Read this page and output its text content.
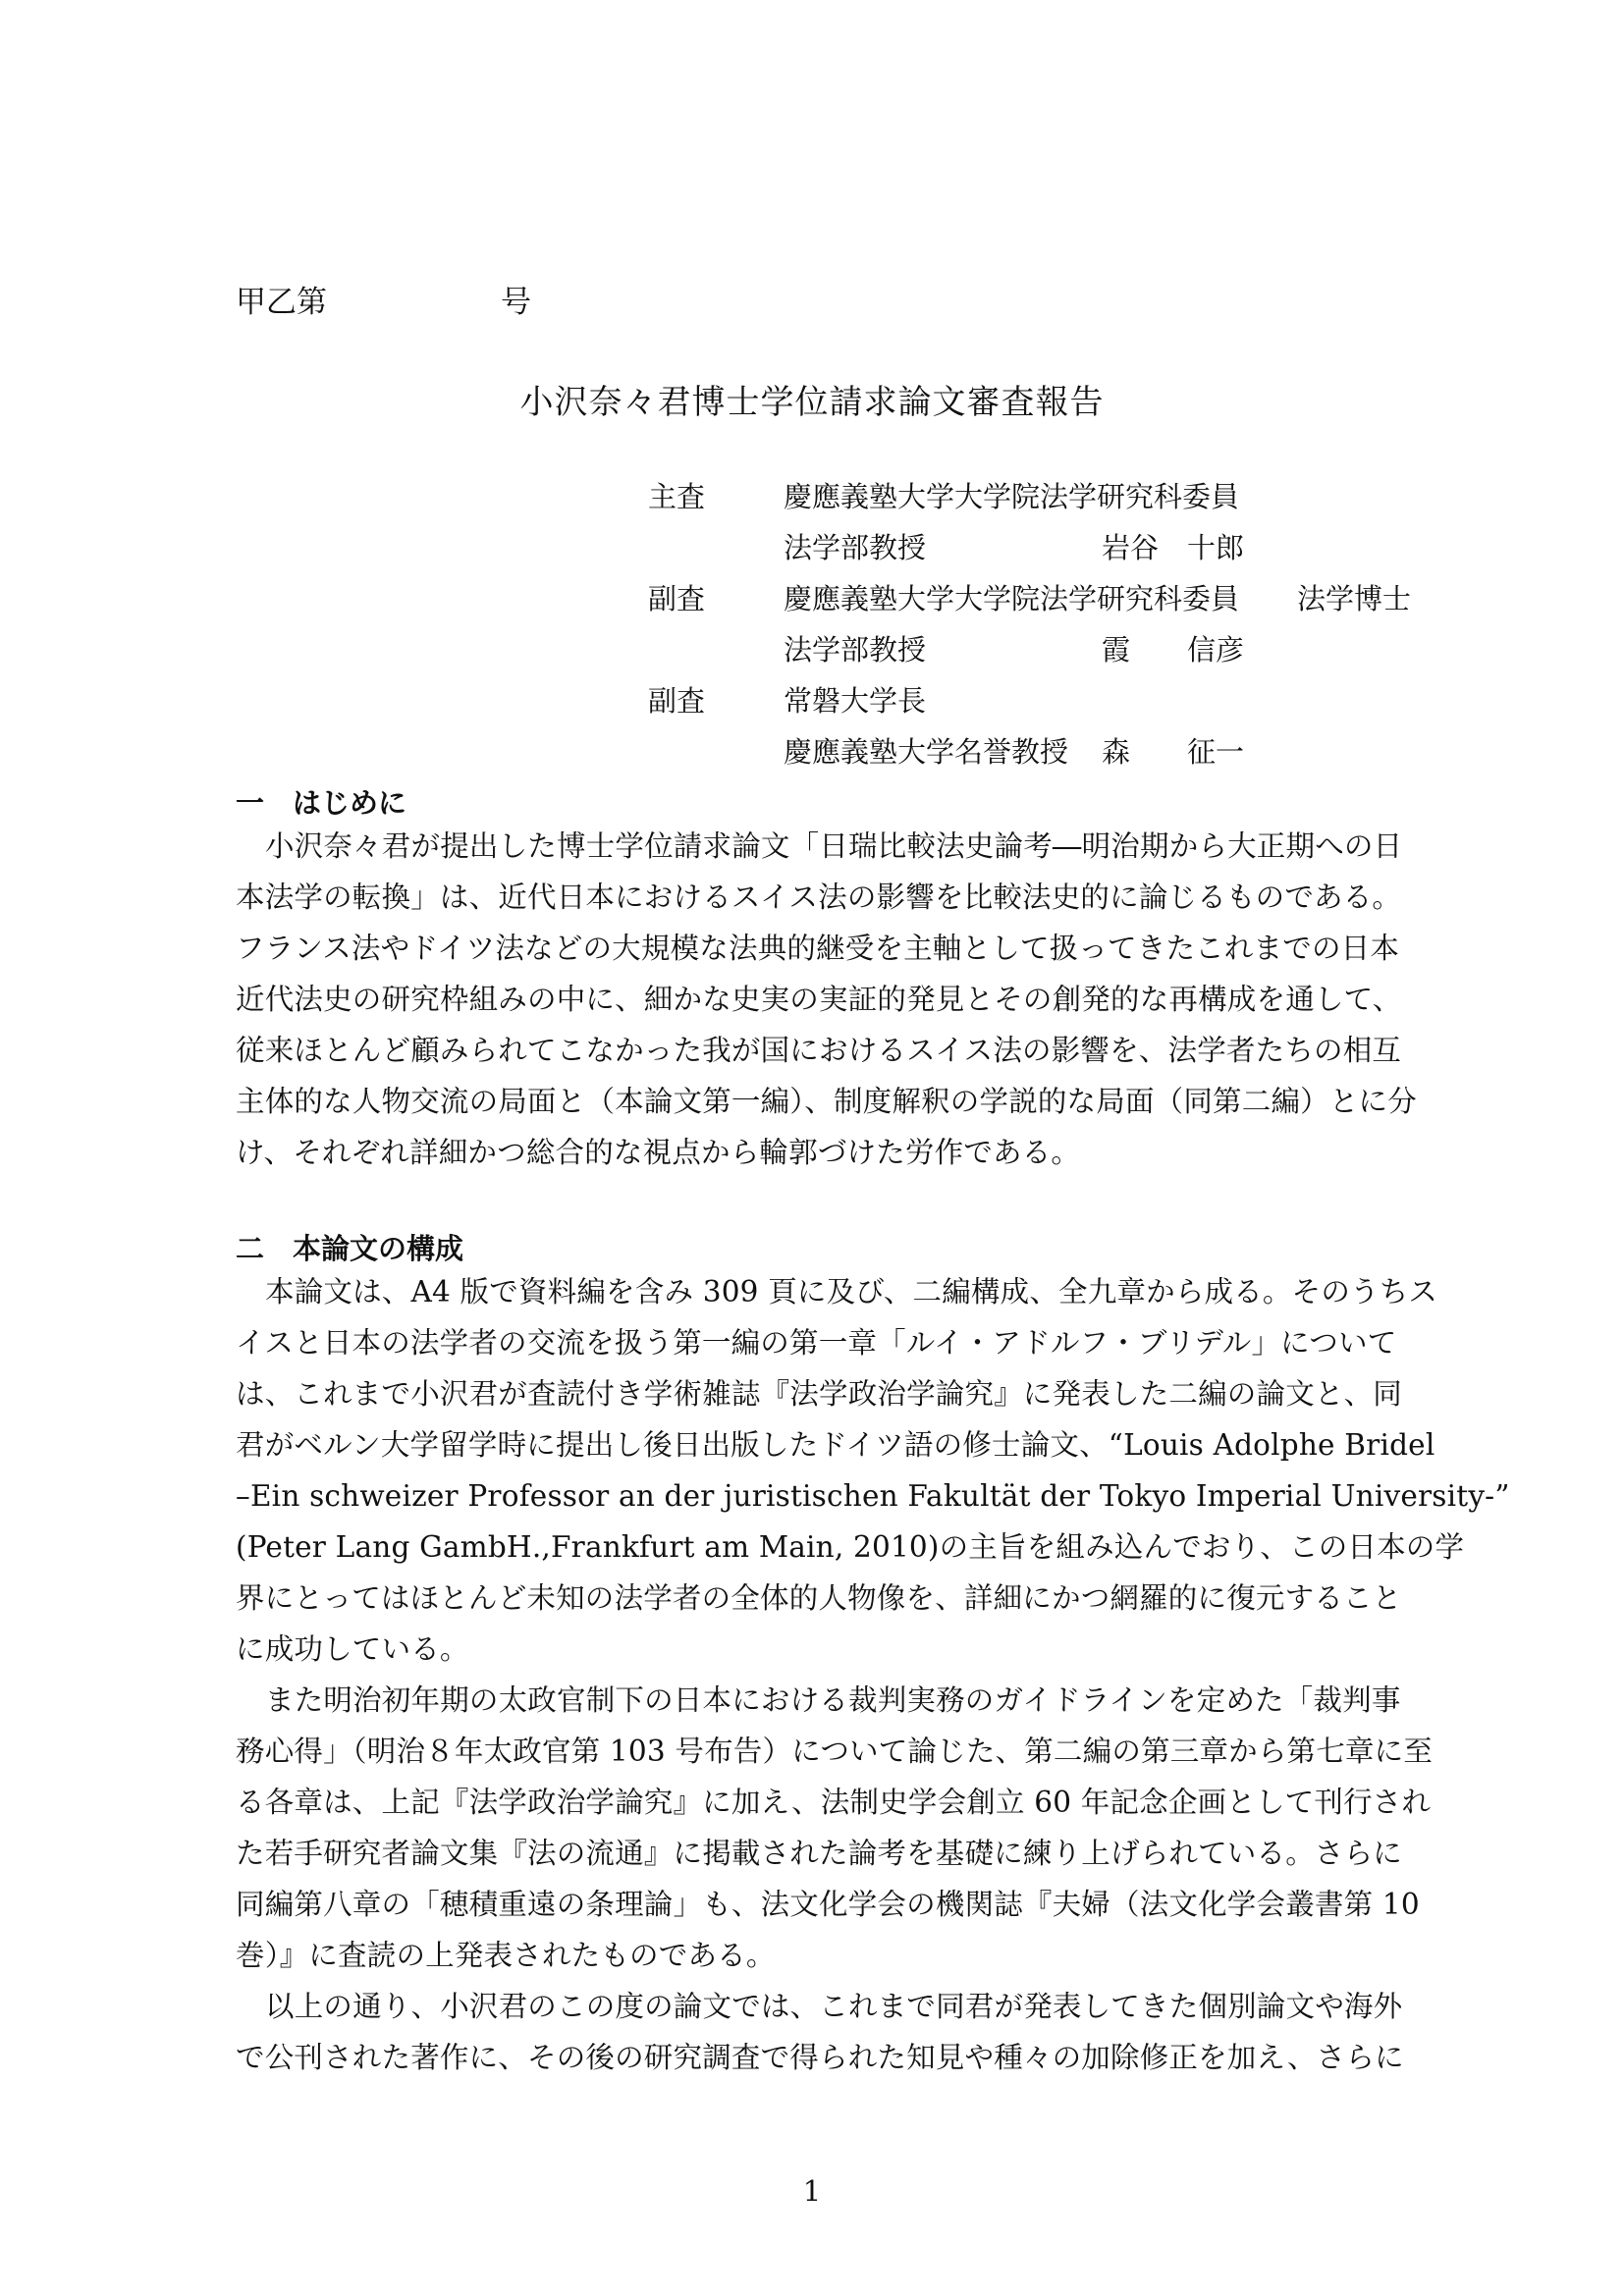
甲乙第	号
小沢奈々君博士学位請求論文審査報告
主査	慶應義塾大学大学院法学研究科委員
法学部教授	岩谷　十郎
副査	慶應義塾大学大学院法学研究科委員 法学博士
法学部教授	霞　　信彦
副査	常磐大学長
慶應義塾大学名誉教授 森　　征一
一　はじめに
小沢奈々君が提出した博士学位請求論文「日瑞比較法史論考―明治期から大正期への日
本法学の転換」は、近代日本におけるスイス法の影響を比較法史的に論じるものである。
フランス法やドイツ法などの大規模な法典的継受を主軸として扱ってきたこれまでの日本
近代法史の研究枠組みの中に、細かな史実の実証的発見とその創発的な再構成を通して、
従来ほとんど顧みられてこなかった我が国におけるスイス法の影響を、法学者たちの相互
主体的な人物交流の局面と（本論文第一編）、制度解釈の学説的な局面（同第二編）とに分
け、それぞれ詳細かつ総合的な視点から輪郭づけた労作である。
二　本論文の構成
本論文は、A4 版で資料編を含み 309 頁に及び、二編構成、全九章から成る。そのうちス
イスと日本の法学者の交流を扱う第一編の第一章「ルイ・アドルフ・ブリデル」について
は、これまで小沢君が査読付き学術雑誌『法学政治学論究』に発表した二編の論文と、同
君がベルン大学留学時に提出し後日出版したドイツ語の修士論文、“Louis Adolphe Bridel
–Ein schweizer Professor an der juristischen Fakultät der Tokyo Imperial University-”
(Peter Lang GambH.,Frankfurt am Main, 2010)の主旨を組み込んでおり、この日本の学
界にとってはほとんど未知の法学者の全体的人物像を、詳細にかつ網羅的に復元すること
に成功している。
また明治初年期の太政官制下の日本における裁判実務のガイドラインを定めた「裁判事
務心得」（明治８年太政官第 103 号布告）について論じた、第二編の第三章から第七章に至
る各章は、上記『法学政治学論究』に加え、法制史学会創立 60 年記念企画として刊行され
た若手研究者論文集『法の流通』に掲載された論考を基礎に練り上げられている。さらに
同編第八章の「穂積重遠の条理論」も、法文化学会の機関誌『夫婦（法文化学会叢書第 10
巻）』に査読の上発表されたものである。
以上の通り、小沢君のこの度の論文では、これまで同君が発表してきた個別論文や海外
で公刊された著作に、その後の研究調査で得られた知見や種々の加除修正を加え、さらに
1
